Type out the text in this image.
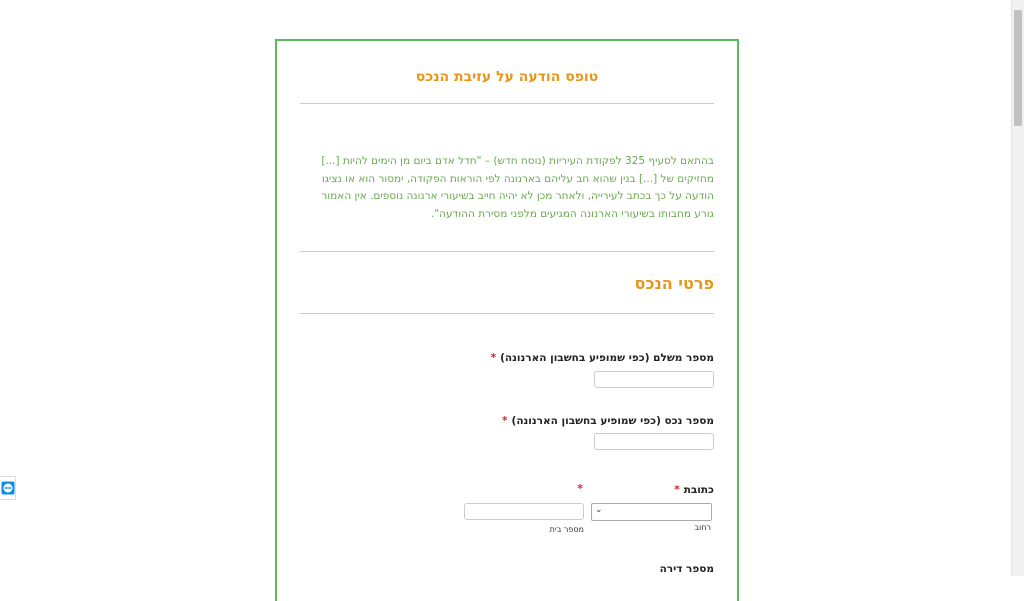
טופס הודעה על עזיבת הנכס

בהתאם לסעיף 325 לפקודת העיריות (נוסח חדש) – "חדל אדם ביום מן הימים להיות [...] מחזיקים של [...] בנין שהוא חב עליהם בארנונה לפי הוראות הפקודה, ימסור הוא או נציגו הודעה על כך בכתב לעירייה, ולאחר מכן לא יהיה חייב בשיעורי ארנונה נוספים. אין האמור גורע מחבותו בשיעורי הארנונה המגיעים מלפני מסירת ההודעה".

פרטי הנכס
מספר משלם (כפי שמופיע בחשבון הארנונה)*
מספר נכס (כפי שמופיע בחשבון הארנונה)*
כתובת*
*
⌄
רחוב
מספר בית
מספר דירה
